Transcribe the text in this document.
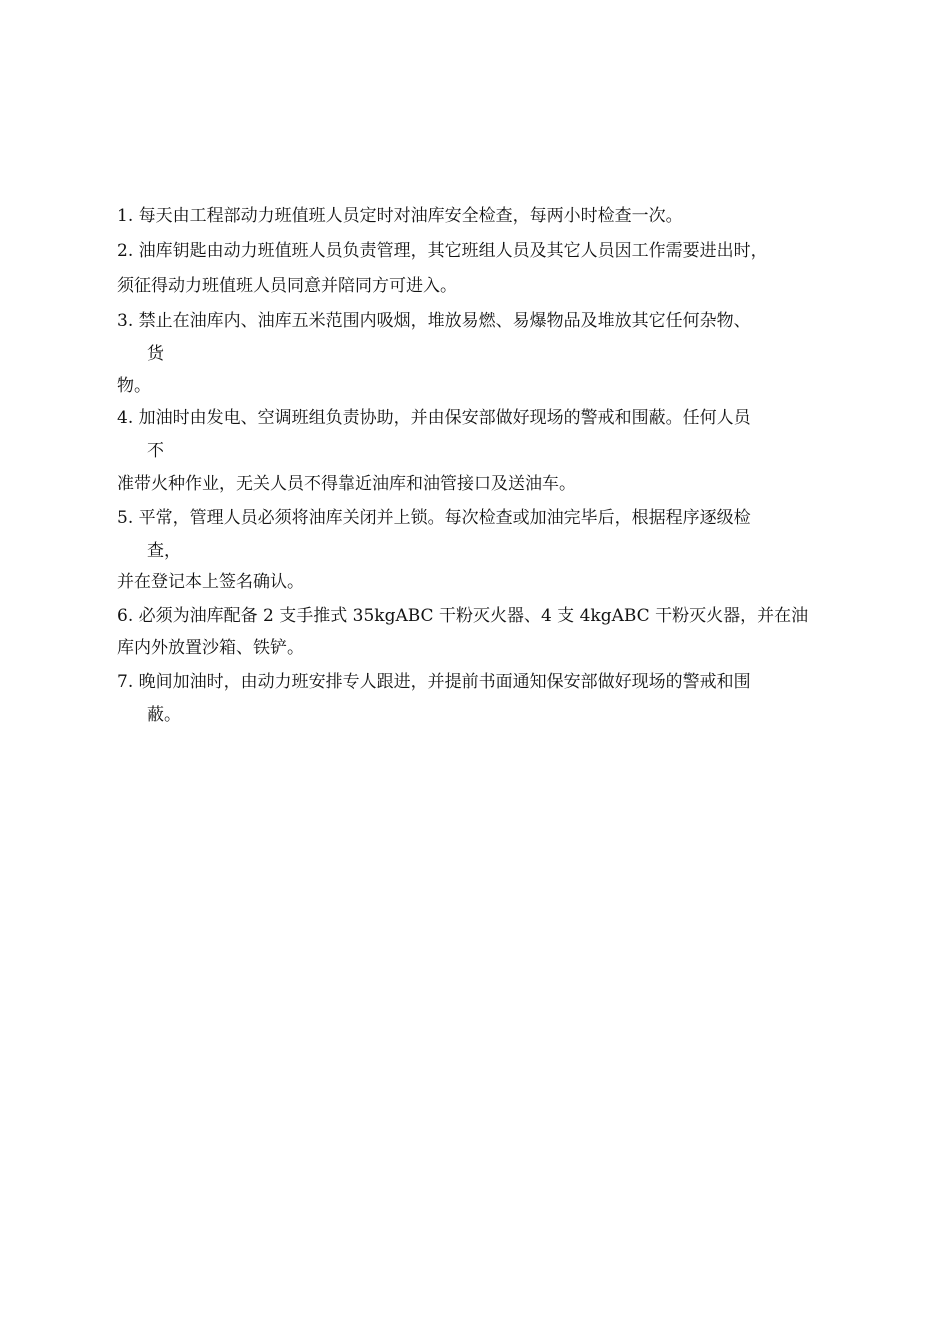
1. 每天由工程部动力班值班人员定时对油库安全检查，每两小时检查一次。
2. 油库钥匙由动力班值班人员负责管理，其它班组人员及其它人员因工作需要进出时，
须征得动力班值班人员同意并陪同方可进入。
3. 禁止在油库内、油库五米范围内吸烟，堆放易燃、易爆物品及堆放其它任何杂物、
货
物。
4. 加油时由发电、空调班组负责协助，并由保安部做好现场的警戒和围蔽。任何人员
不
准带火种作业，无关人员不得靠近油库和油管接口及送油车。
5. 平常，管理人员必须将油库关闭并上锁。每次检查或加油完毕后，根据程序逐级检
查，
并在登记本上签名确认。
6. 必须为油库配备 2 支手推式 35kgABC 干粉灭火器、4 支 4kgABC 干粉灭火器，并在油
库内外放置沙箱、铁铲。
7. 晚间加油时，由动力班安排专人跟进，并提前书面通知保安部做好现场的警戒和围
蔽。
